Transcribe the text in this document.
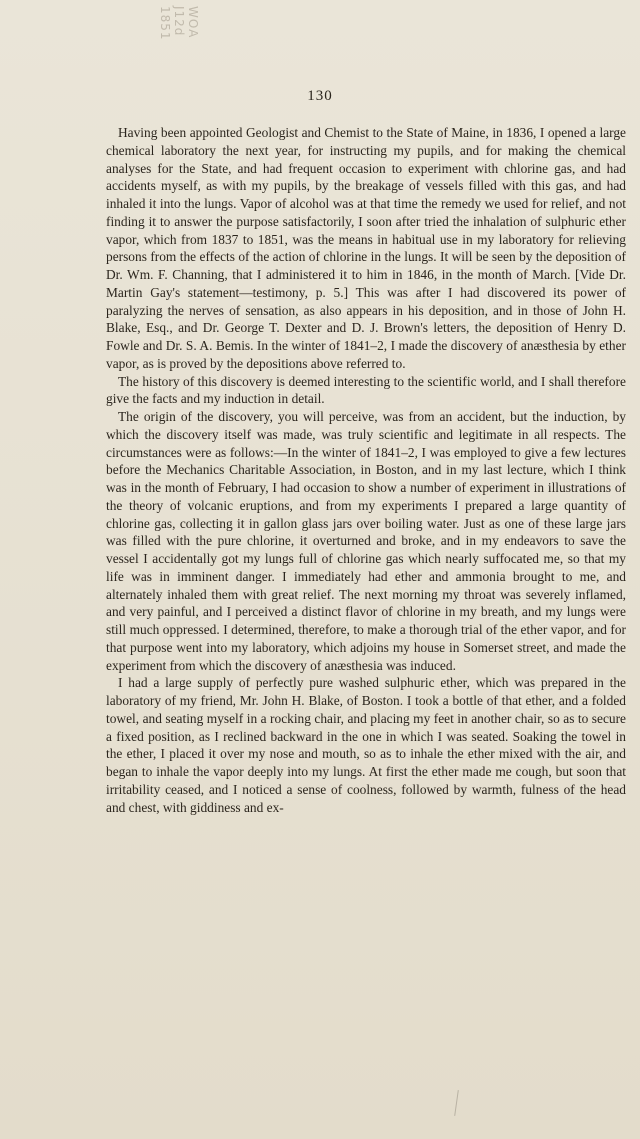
WOA
J12d
1851
130

Having been appointed Geologist and Chemist to the State of Maine, in 1836, I opened a large chemical laboratory the next year, for instructing my pupils, and for making the chemical analyses for the State, and had frequent occasion to experiment with chlorine gas, and had accidents myself, as with my pupils, by the breakage of vessels filled with this gas, and had inhaled it into the lungs. Vapor of alcohol was at that time the remedy we used for relief, and not finding it to answer the purpose satisfactorily, I soon after tried the inhalation of sulphuric ether vapor, which from 1837 to 1851, was the means in habitual use in my laboratory for relieving persons from the effects of the action of chlorine in the lungs. It will be seen by the deposition of Dr. Wm. F. Channing, that I administered it to him in 1846, in the month of March. [Vide Dr. Martin Gay's statement—testimony, p. 5.] This was after I had discovered its power of paralyzing the nerves of sensation, as also appears in his deposition, and in those of John H. Blake, Esq., and Dr. George T. Dexter and D. J. Brown's letters, the deposition of Henry D. Fowle and Dr. S. A. Bemis. In the winter of 1841–2, I made the discovery of anæsthesia by ether vapor, as is proved by the depositions above referred to.

The history of this discovery is deemed interesting to the scientific world, and I shall therefore give the facts and my induction in detail.

The origin of the discovery, you will perceive, was from an accident, but the induction, by which the discovery itself was made, was truly scientific and legitimate in all respects. The circumstances were as follows:—In the winter of 1841–2, I was employed to give a few lectures before the Mechanics Charitable Association, in Boston, and in my last lecture, which I think was in the month of February, I had occasion to show a number of experiment in illustrations of the theory of volcanic eruptions, and from my experiments I prepared a large quantity of chlorine gas, collecting it in gallon glass jars over boiling water. Just as one of these large jars was filled with the pure chlorine, it overturned and broke, and in my endeavors to save the vessel I accidentally got my lungs full of chlorine gas which nearly suffocated me, so that my life was in imminent danger. I immediately had ether and ammonia brought to me, and alternately inhaled them with great relief. The next morning my throat was severely inflamed, and very painful, and I perceived a distinct flavor of chlorine in my breath, and my lungs were still much oppressed. I determined, therefore, to make a thorough trial of the ether vapor, and for that purpose went into my laboratory, which adjoins my house in Somerset street, and made the experiment from which the discovery of anæsthesia was induced.

I had a large supply of perfectly pure washed sulphuric ether, which was prepared in the laboratory of my friend, Mr. John H. Blake, of Boston. I took a bottle of that ether, and a folded towel, and seating myself in a rocking chair, and placing my feet in another chair, so as to secure a fixed position, as I reclined backward in the one in which I was seated. Soaking the towel in the ether, I placed it over my nose and mouth, so as to inhale the ether mixed with the air, and began to inhale the vapor deeply into my lungs. At first the ether made me cough, but soon that irritability ceased, and I noticed a sense of coolness, followed by warmth, fulness of the head and chest, with giddiness and ex-
